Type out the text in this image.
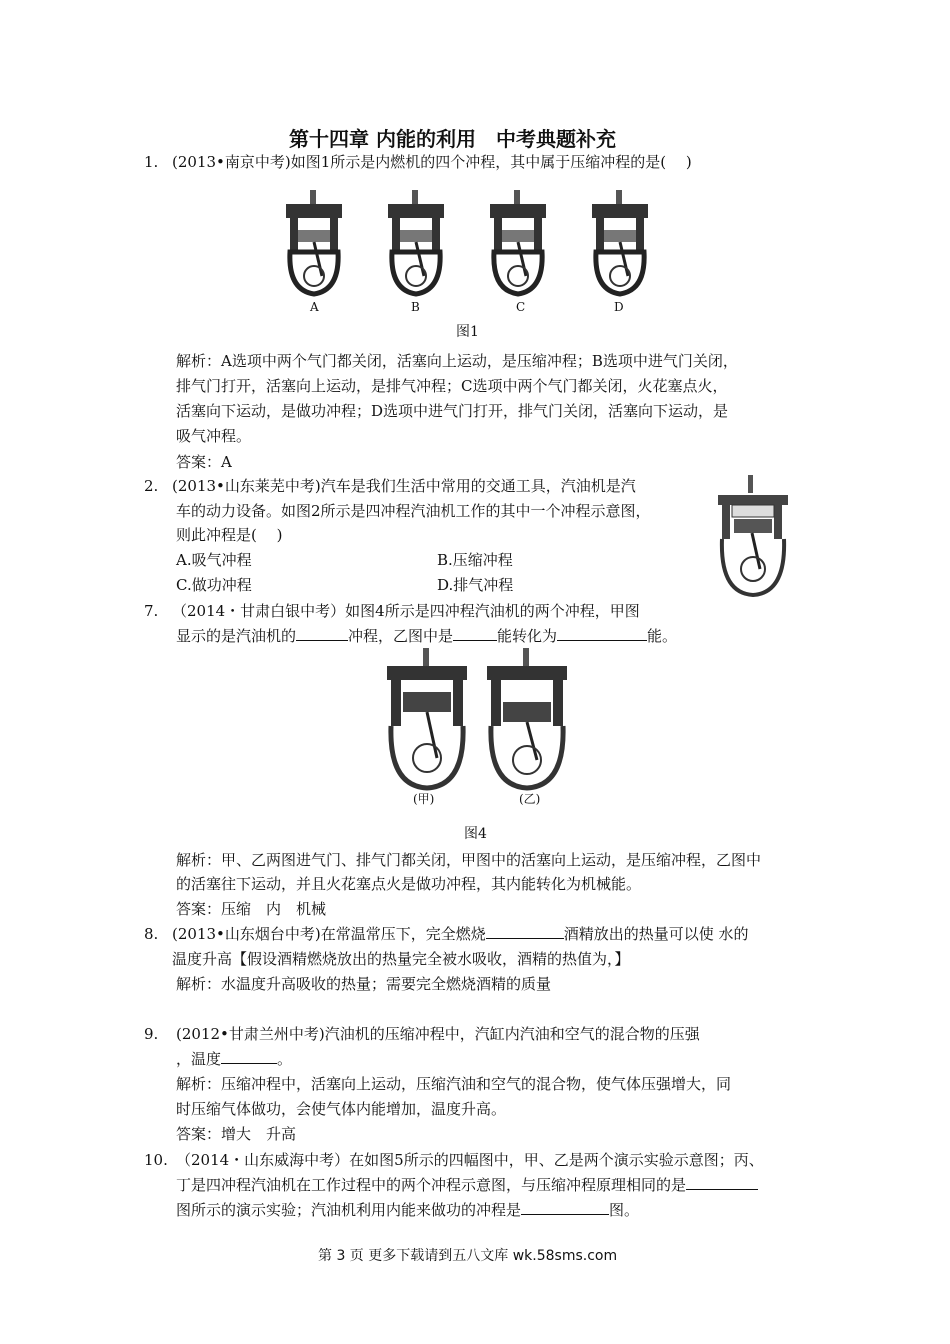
第十四章 内能的利用　中考典题补充
1. (2013•南京中考)如图1所示是内燃机的四个冲程，其中属于压缩冲程的是(　 )
A	B	C	D
图1
解析：A选项中两个气门都关闭，活塞向上运动，是压缩冲程；B选项中进气门关闭，
排气门打开，活塞向上运动，是排气冲程；C选项中两个气门都关闭，火花塞点火，
活塞向下运动，是做功冲程；D选项中进气门打开，排气门关闭，活塞向下运动，是
吸气冲程。
答案：A
2. (2013•山东莱芜中考)汽车是我们生活中常用的交通工具，汽油机是汽
车的动力设备。如图2所示是四冲程汽油机工作的其中一个冲程示意图，
则此冲程是(　 )
A.吸气冲程	B.压缩冲程
C.做功冲程	D.排气冲程
7. （2014・甘肃白银中考）如图4所示是四冲程汽油机的两个冲程，甲图
显示的是汽油机的	冲程，乙图中是	能转化为	能。
(甲)	(乙)
图4
解析：甲、乙两图进气门、排气门都关闭，甲图中的活塞向上运动，是压缩冲程，乙图中
的活塞往下运动，并且火花塞点火是做功冲程，其内能转化为机械能。
答案：压缩　内　机械
8. (2013•山东烟台中考)在常温常压下，完全燃烧	酒精放出的热量可以使 水的
温度升高【假设酒精燃烧放出的热量完全被水吸收，酒精的热值为，】
解析：水温度升高吸收的热量；需要完全燃烧酒精的质量
9. (2012•甘肃兰州中考)汽油机的压缩冲程中，汽缸内汽油和空气的混合物的压强
，温度	。
解析：压缩冲程中，活塞向上运动，压缩汽油和空气的混合物，使气体压强增大，同
时压缩气体做功，会使气体内能增加，温度升高。
答案：增大　升高
10. （2014・山东威海中考）在如图5所示的四幅图中，甲、乙是两个演示实验示意图；丙、
丁是四冲程汽油机在工作过程中的两个冲程示意图，与压缩冲程原理相同的是
图所示的演示实验；汽油机利用内能来做功的冲程是	图。
第 3 页 更多下载请到五八文库 wk.58sms.com
